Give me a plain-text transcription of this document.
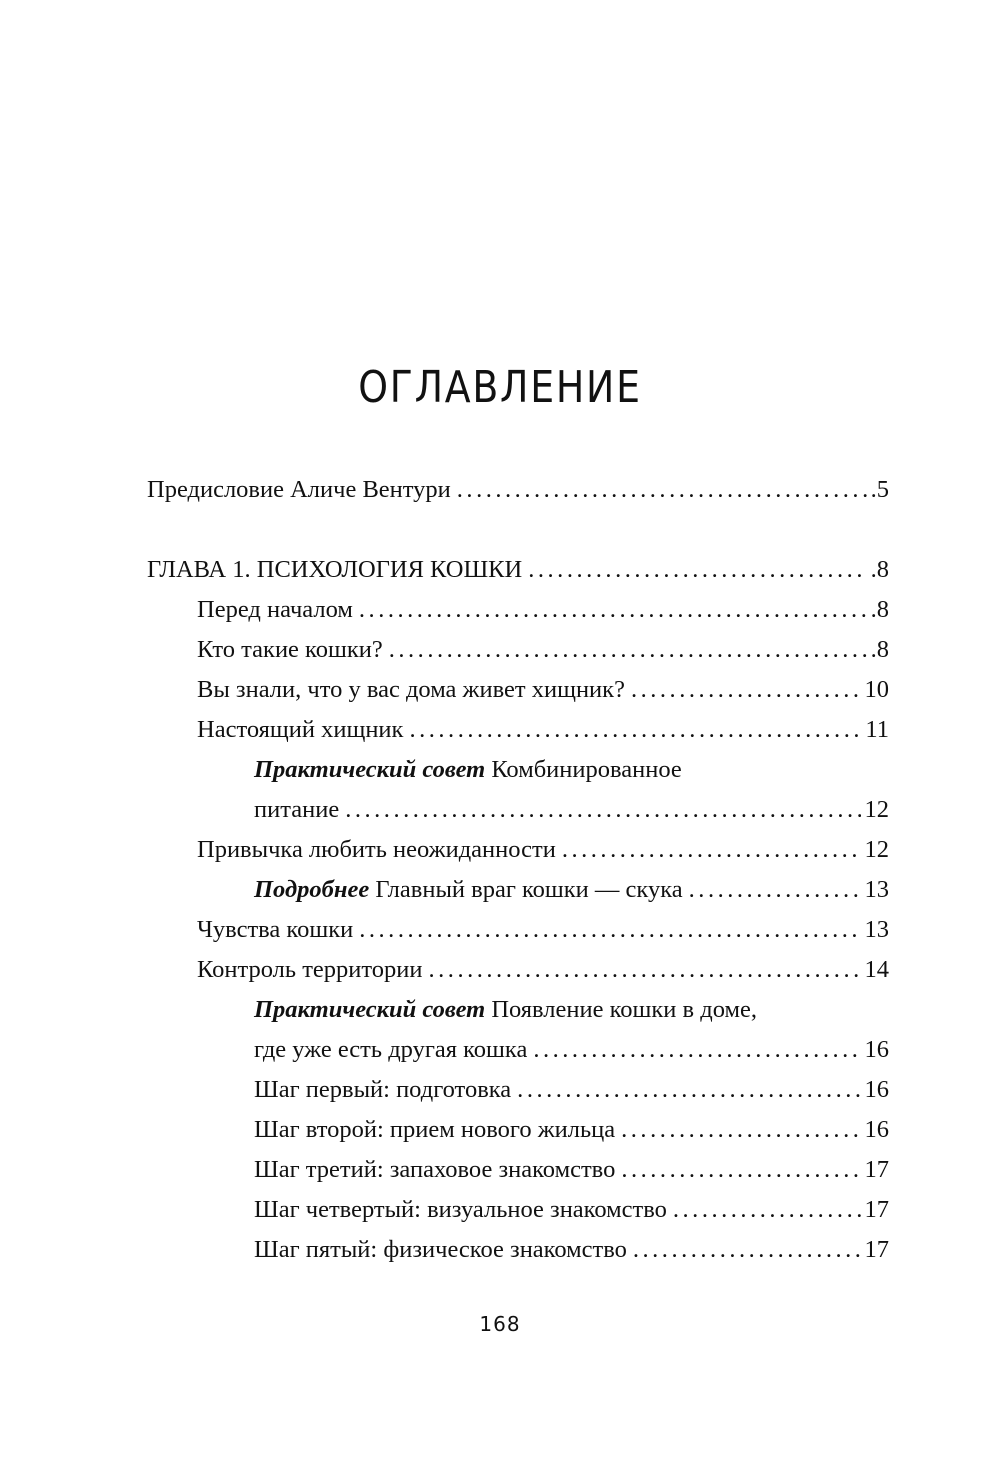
ОГЛАВЛЕНИЕ
Предисловие Аличе Вентури . . .	.5
ГЛАВА 1. ПСИХОЛОГИЯ КОШКИ . . .	.8
Перед началом . . .	.8
Кто такие кошки? . . .	.8
Вы знали, что у вас дома живет хищник? . . .	10
Настоящий хищник . . .	11
Практический совет Комбинированное
питание . . .	12
Привычка любить неожиданности . . .	12
Подробнее Главный враг кошки — скука . . .	13
Чувства кошки . . .	13
Контроль территории . . .	14
Практический совет Появление кошки в доме,
где уже есть другая кошка . . .	16
Шаг первый: подготовка . . .	16
Шаг второй: прием нового жильца . . .	16
Шаг третий: запаховое знакомство . . .	17
Шаг четвертый: визуальное знакомство . . .	17
Шаг пятый: физическое знакомство . . .	17
168
